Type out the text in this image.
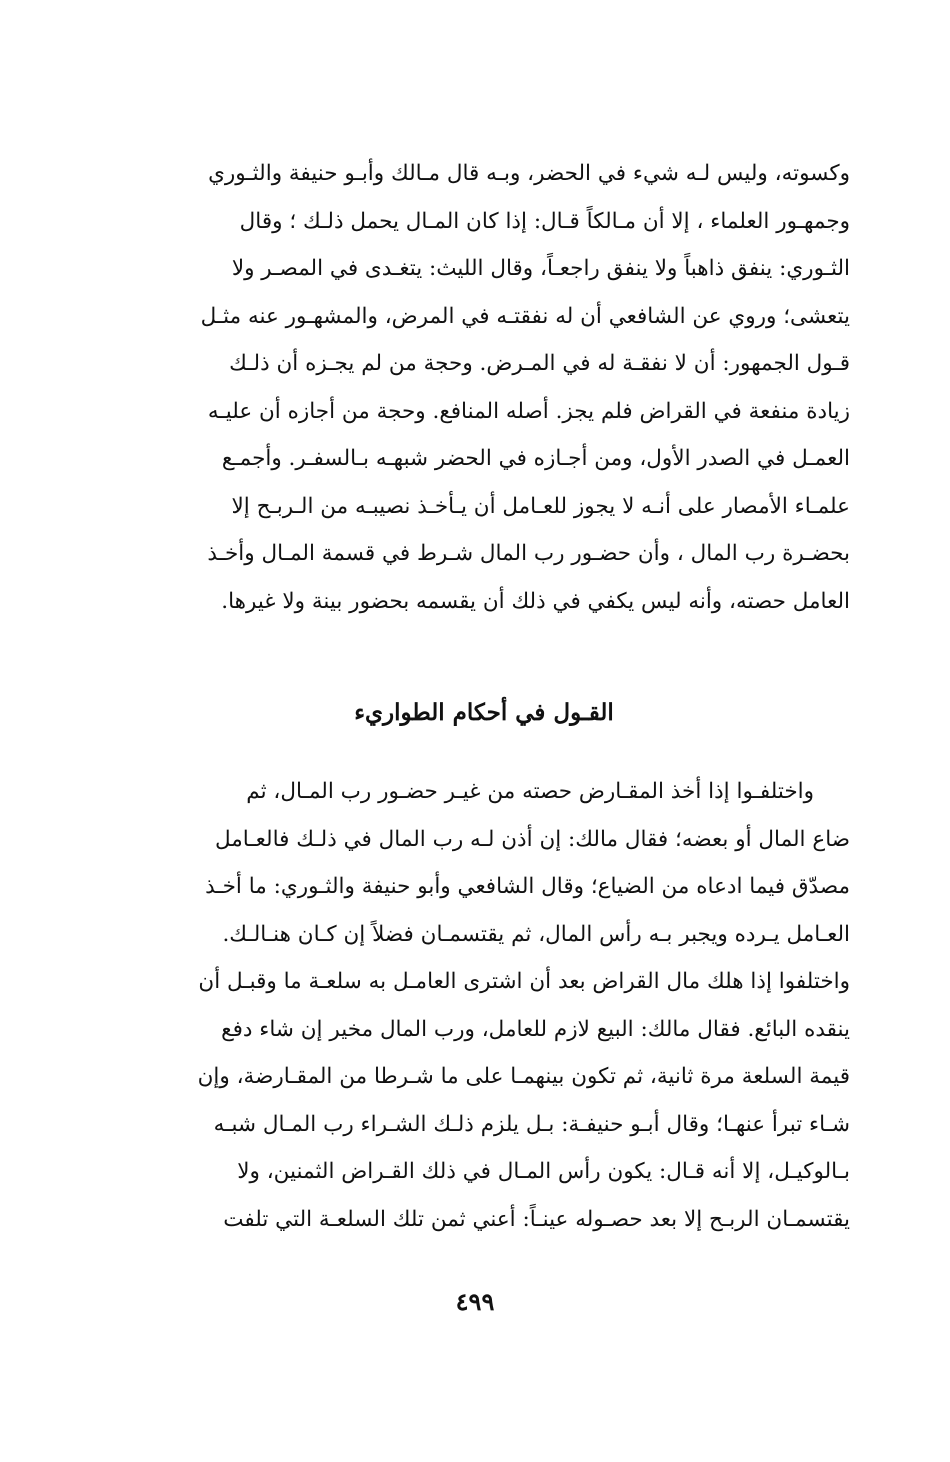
وكسوته، وليس لـه شيء في الحضر، وبـه قال مـالك وأبـو حنيفة والثـوري
وجمهـور العلماء ، إلا أن مـالكاً قـال: إذا كان المـال يحمل ذلـك ؛ وقال
الثـوري: ينفق ذاهباً ولا ينفق راجعـاً، وقال الليث: يتغـدى في المصـر ولا
يتعشى؛ وروي عن الشافعي أن له نفقتـه في المرض، والمشهـور عنه مثـل
قـول الجمهور: أن لا نفقـة له في المـرض. وحجة من لم يجـزه أن ذلـك
زيادة منفعة في القراض فلم يجز. أصله المنافع. وحجة من أجازه أن عليـه
العمـل في الصدر الأول، ومن أجـازه في الحضر شبهـه بـالسفـر. وأجمـع
علمـاء الأمصار على أنـه لا يجوز للعـامل أن يـأخـذ نصيبـه من الـربـح إلا
بحضـرة رب المال ، وأن حضـور رب المال شـرط في قسمة المـال وأخـذ
العامل حصته، وأنه ليس يكفي في ذلك أن يقسمه بحضور بينة ولا غيرها.
القـول في أحكام الطواريء
واختلفـوا إذا أخذ المقـارض حصته من غيـر حضـور رب المـال، ثم
ضاع المال أو بعضه؛ فقال مالك: إن أذن لـه رب المال في ذلـك فالعـامل
مصدّق فيما ادعاه من الضياع؛ وقال الشافعي وأبو حنيفة والثـوري: ما أخـذ
العـامل يـرده ويجبر بـه رأس المال، ثم يقتسمـان فضلاً إن كـان هنـالـك.
واختلفوا إذا هلك مال القراض بعد أن اشترى العامـل به سلعـة ما وقبـل أن
ينقده البائع. فقال مالك: البيع لازم للعامل، ورب المال مخير إن شاء دفع
قيمة السلعة مرة ثانية، ثم تكون بينهمـا على ما شـرطا من المقـارضة، وإن
شـاء تبرأ عنهـا؛ وقال أبـو حنيفـة: بـل يلزم ذلـك الشـراء رب المـال شبـه
بـالوكيـل، إلا أنه قـال: يكون رأس المـال في ذلك القـراض الثمنين، ولا
يقتسمـان الربـح إلا بعد حصـوله عينـاً: أعني ثمن تلك السلعـة التي تلفت
٤٩٩
